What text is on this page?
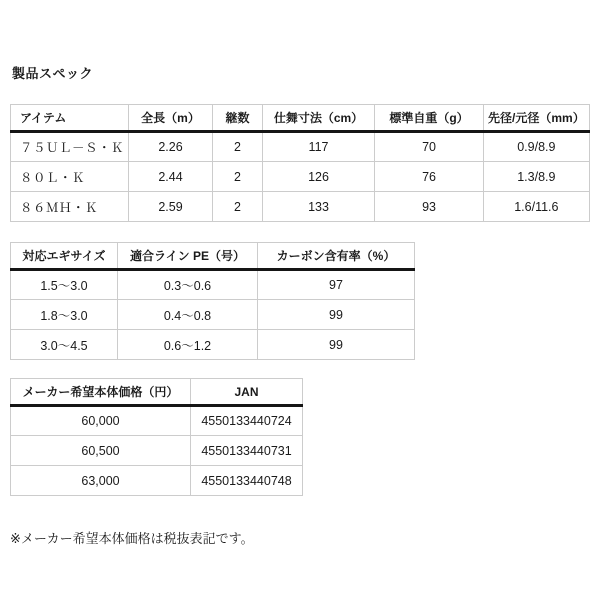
製品スペック
アイテム	全長（m）	継数	仕舞寸法（cm）	標準自重（g）	先径/元径（mm）
７５ＵＬ－Ｓ・Ｋ	2.26	2	117	70	0.9/8.9
８０Ｌ・Ｋ	2.44	2	126	76	1.3/8.9
８６ＭＨ・Ｋ	2.59	2	133	93	1.6/11.6
対応エギサイズ	適合ライン PE（号）	カーボン含有率（%）
1.5〜3.0	0.3〜0.6	97
1.8〜3.0	0.4〜0.8	99
3.0〜4.5	0.6〜1.2	99
メーカー希望本体価格（円）	JAN
60,000	4550133440724
60,500	4550133440731
63,000	4550133440748

※メーカー希望本体価格は税抜表記です。
